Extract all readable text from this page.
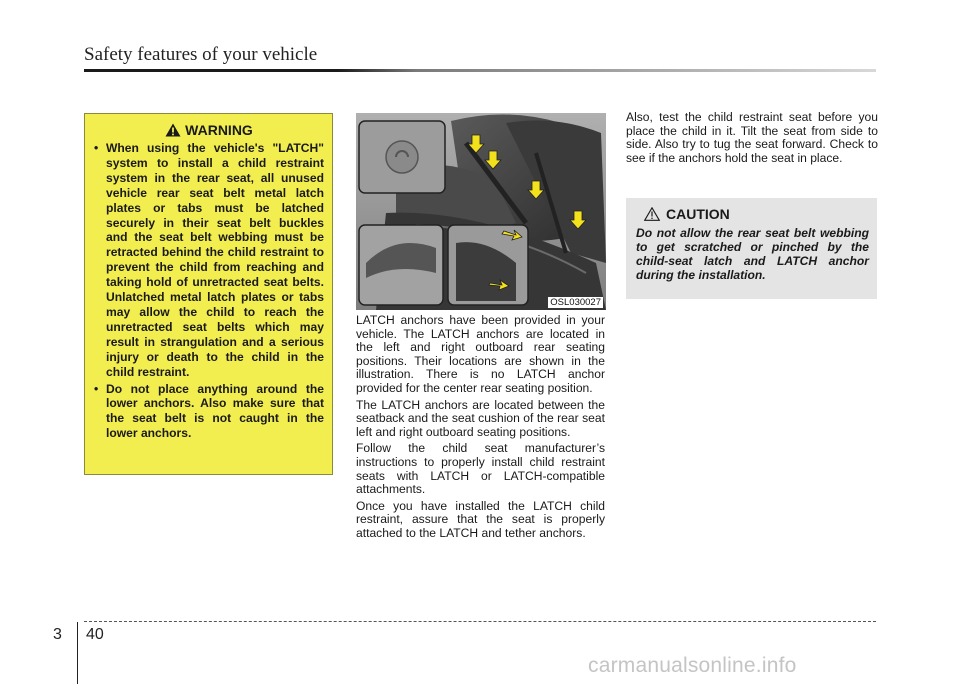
Safety features of your vehicle
WARNING
• When using the vehicle's "LATCH" system to install a child restraint system in the rear seat, all unused vehicle rear seat belt metal latch plates or tabs must be latched securely in their seat belt buckles and the seat belt webbing must be retracted behind the child restraint to prevent the child from reaching and taking hold of unretracted seat belts. Unlatched metal latch plates or tabs may allow the child to reach the unretracted seat belts which may result in strangulation and a serious injury or death to the child in the child restraint.
• Do not place anything around the lower anchors. Also make sure that the seat belt is not caught in the lower anchors.
OSL030027

LATCH anchors have been provided in your vehicle. The LATCH anchors are located in the left and right outboard rear seating positions. Their locations are shown in the illustration. There is no LATCH anchor provided for the center rear seating position.

The LATCH anchors are located between the seatback and the seat cushion of the rear seat left and right outboard seating positions.

Follow the child seat manufacturer’s instructions to properly install child restraint seats with LATCH or LATCH-compatible attachments.

Once you have installed the LATCH child restraint, assure that the seat is properly attached to the LATCH and tether anchors.

Also, test the child restraint seat before you place the child in it. Tilt the seat from side to side. Also try to tug the seat forward. Check to see if the anchors hold the seat in place.

CAUTION
Do not allow the rear seat belt webbing to get scratched or pinched by the child-seat latch and LATCH anchor during the installation.
3 40
carmanualsonline.info
